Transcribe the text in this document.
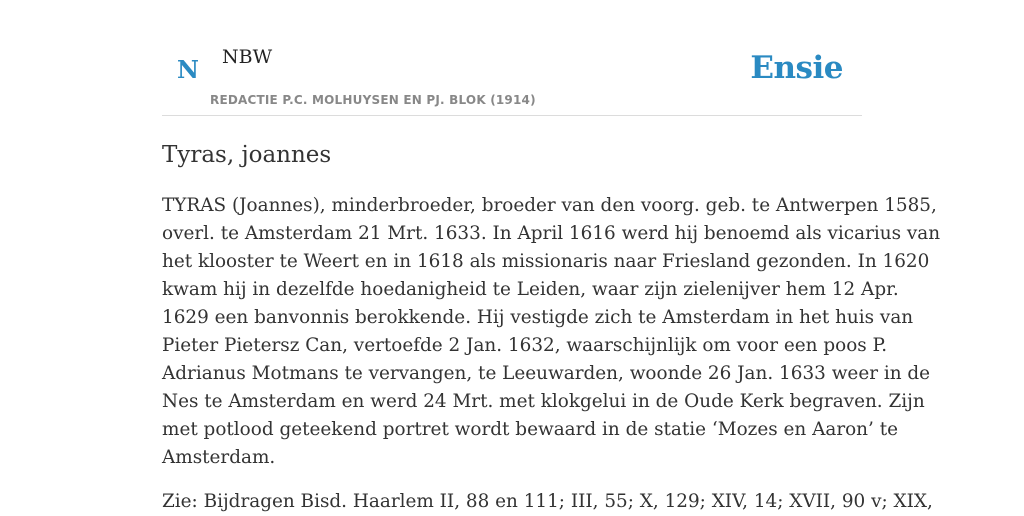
N NBW
REDACTIE P.C. MOLHUYSEN EN PJ. BLOK (1914)
Ensie
Tyras, joannes
TYRAS (Joannes), minderbroeder, broeder van den voorg. geb. te Antwerpen 1585,
overl. te Amsterdam 21 Mrt. 1633. In April 1616 werd hij benoemd als vicarius van
het klooster te Weert en in 1618 als missionaris naar Friesland gezonden. In 1620
kwam hij in dezelfde hoedanigheid te Leiden, waar zijn zielenijver hem 12 Apr.
1629 een banvonnis berokkende. Hij vestigde zich te Amsterdam in het huis van
Pieter Pietersz Can, vertoefde 2 Jan. 1632, waarschijnlijk om voor een poos P.
Adrianus Motmans te vervangen, te Leeuwarden, woonde 26 Jan. 1633 weer in de
Nes te Amsterdam en werd 24 Mrt. met klokgelui in de Oude Kerk begraven. Zijn
met potlood geteekend portret wordt bewaard in de statie ‘Mozes en Aaron’ te
Amsterdam.
Zie: Bijdragen Bisd. Haarlem II, 88 en 111; III, 55; X, 129; XIV, 14; XVII, 90 v; XIX,
